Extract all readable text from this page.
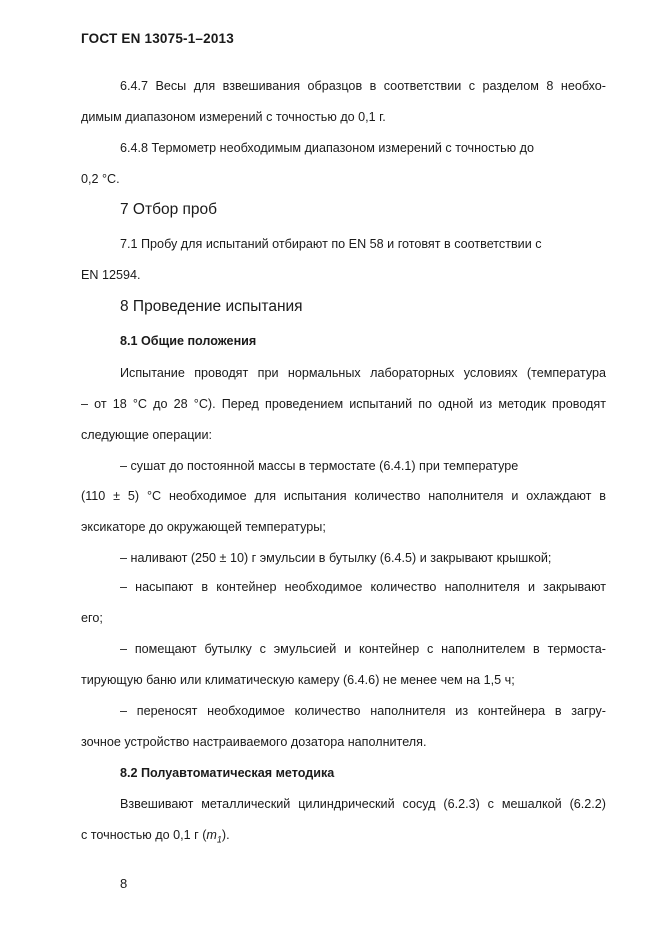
ГОСТ EN 13075-1–2013
6.4.7 Весы для взвешивания образцов в соответствии с разделом 8 необхо-
димым диапазоном измерений с точностью до 0,1 г.
6.4.8 Термометр необходимым диапазоном измерений с точностью до
0,2 °С.
7 Отбор проб
7.1 Пробу для испытаний отбирают по EN 58 и готовят в соответствии с
EN 12594.
8 Проведение испытания
8.1 Общие положения
Испытание проводят при нормальных лабораторных условиях (температура
– от 18 °С до 28 °С). Перед проведением испытаний по одной из методик проводят
следующие операции:
– сушат до постоянной массы в термостате (6.4.1) при температуре
(110 ± 5) °С необходимое для испытания количество наполнителя и охлаждают в
эксикаторе до окружающей температуры;
– наливают (250 ± 10) г эмульсии в бутылку (6.4.5) и закрывают крышкой;
– насыпают в контейнер необходимое количество наполнителя и закрывают
его;
– помещают бутылку с эмульсией и контейнер с наполнителем в термоста-
тирующую баню или климатическую камеру (6.4.6) не менее чем на 1,5 ч;
– переносят необходимое количество наполнителя из контейнера в загру-
зочное устройство настраиваемого дозатора наполнителя.
8.2 Полуавтоматическая методика
Взвешивают металлический цилиндрический сосуд (6.2.3) с мешалкой (6.2.2)
с точностью до 0,1 г $(m_1)$.
8
